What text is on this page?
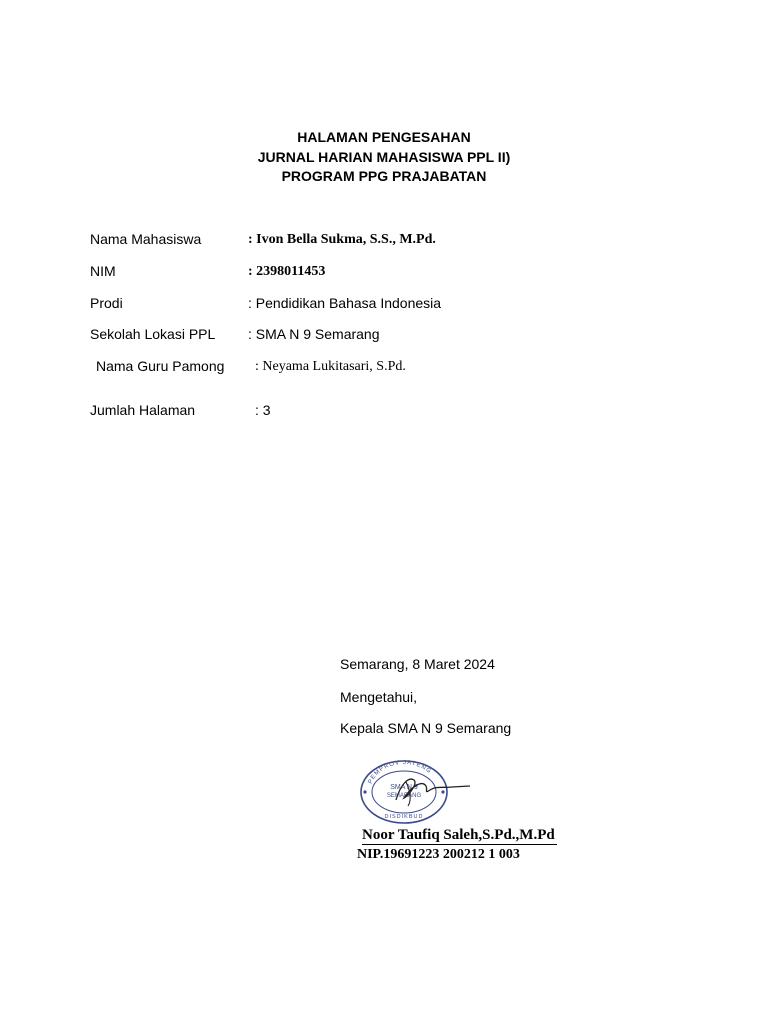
HALAMAN PENGESAHAN
JURNAL HARIAN MAHASISWA PPL II)
PROGRAM PPG PRAJABATAN
Nama Mahasiswa	: Ivon Bella Sukma, S.S., M.Pd.
NIM	: 2398011453
Prodi	: Pendidikan Bahasa Indonesia
Sekolah Lokasi PPL : SMA N 9 Semarang
Nama Guru Pamong : Neyama Lukitasari, S.Pd.
Jumlah Halaman	: 3
Semarang, 8 Maret 2024
Mengetahui,
Kepala SMA N 9 Semarang
PEMPROV JATENG
SMA N 9
SEMARANG
DISDIKBUD
Noor Taufiq Saleh,S.Pd.,M.Pd
NIP.19691223 200212 1 003
